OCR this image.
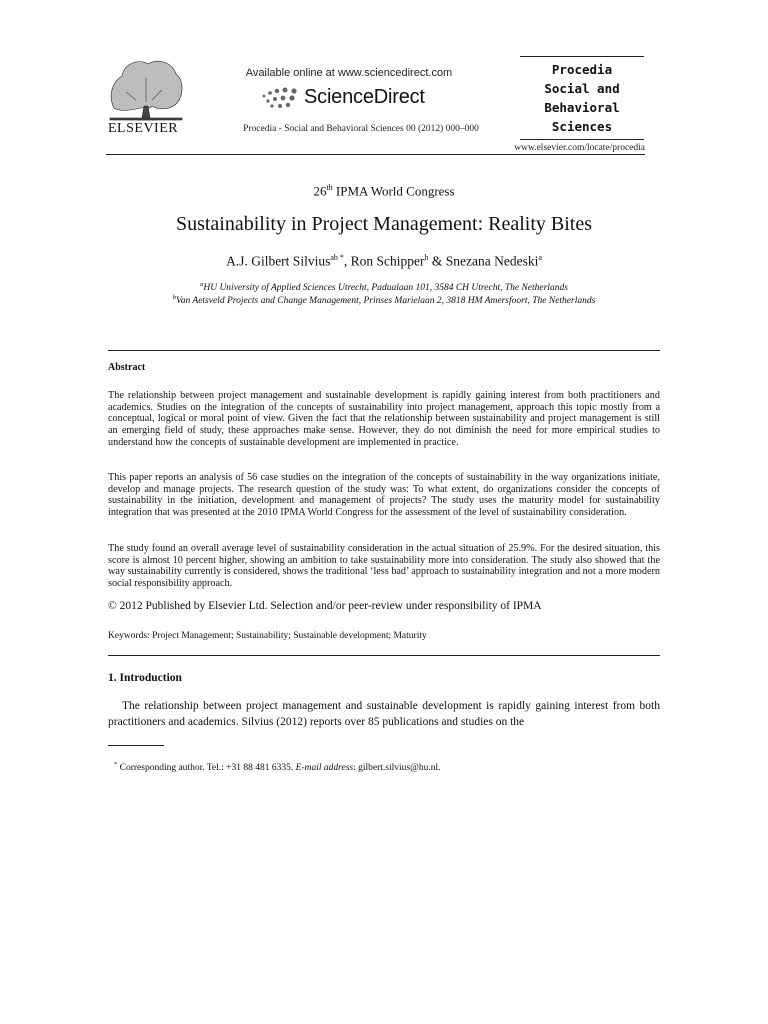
ELSEVIER
Available online at www.sciencedirect.com
ScienceDirect
Procedia - Social and Behavioral Sciences 00 (2012) 000–000
Procedia
Social and
Behavioral
Sciences
www.elsevier.com/locate/procedia
26th IPMA World Congress
Sustainability in Project Management: Reality Bites
A.J. Gilbert Silvius$^{ab *}$, Ron Schipper$^b$ & Snezana Nedeski$^a$
$^a$HU University of Applied Sciences Utrecht, Padualaan 101, 3584 CH Utrecht, The Netherlands
$^b$Van Aetsveld Projects and Change Management, Prinses Marielaan 2, 3818 HM Amersfoort, The Netherlands
Abstract
The relationship between project management and sustainable development is rapidly gaining interest from both practitioners and academics. Studies on the integration of the concepts of sustainability into project management, approach this topic mostly from a conceptual, logical or moral point of view. Given the fact that the relationship between sustainability and project management is still an emerging field of study, these approaches make sense. However, they do not diminish the need for more empirical studies to understand how the concepts of sustainable development are implemented in practice.
This paper reports an analysis of 56 case studies on the integration of the concepts of sustainability in the way organizations initiate, develop and manage projects. The research question of the study was: To what extent, do organizations consider the concepts of sustainability in the initiation, development and management of projects? The study uses the maturity model for sustainability integration that was presented at the 2010 IPMA World Congress for the assessment of the level of sustainability consideration.
The study found an overall average level of sustainability consideration in the actual situation of 25.9%. For the desired situation, this score is almost 10 percent higher, showing an ambition to take sustainability more into consideration. The study also showed that the way sustainability currently is considered, shows the traditional ‘less bad’ approach to sustainability integration and not a more modern social responsibility approach.
© 2012 Published by Elsevier Ltd. Selection and/or peer-review under responsibility of IPMA
Keywords: Project Management; Sustainability; Sustainable development; Maturity
1. Introduction
The relationship between project management and sustainable development is rapidly gaining interest from both practitioners and academics. Silvius (2012) reports over 85 publications and studies on the
* Corresponding author. Tel.: +31 88 481 6335. E-mail address: gilbert.silvius@hu.nl.
